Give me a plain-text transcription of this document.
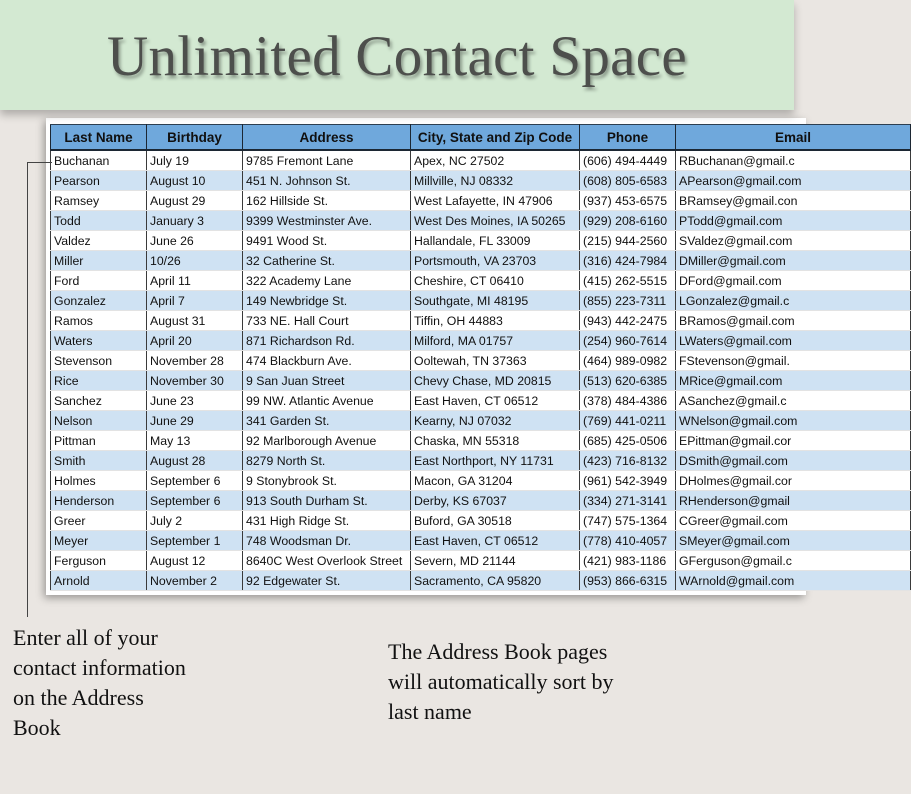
Unlimited Contact Space
Last Name	Birthday	Address	City, State and Zip Code	Phone	Email
Buchanan	July 19	9785 Fremont Lane	Apex, NC 27502	(606) 494-4449	RBuchanan@gmail.c
Pearson	August 10	451 N. Johnson St.	Millville, NJ 08332	(608) 805-6583	APearson@gmail.com
Ramsey	August 29	162 Hillside St.	West Lafayette, IN 47906	(937) 453-6575	BRamsey@gmail.con
Todd	January 3	9399 Westminster Ave.	West Des Moines, IA 50265	(929) 208-6160	PTodd@gmail.com
Valdez	June 26	9491 Wood St.	Hallandale, FL 33009	(215) 944-2560	SValdez@gmail.com
Miller	10/26	32 Catherine St.	Portsmouth, VA 23703	(316) 424-7984	DMiller@gmail.com
Ford	April 11	322 Academy Lane	Cheshire, CT 06410	(415) 262-5515	DFord@gmail.com
Gonzalez	April 7	149 Newbridge St.	Southgate, MI 48195	(855) 223-7311	LGonzalez@gmail.c
Ramos	August 31	733 NE. Hall Court	Tiffin, OH 44883	(943) 442-2475	BRamos@gmail.com
Waters	April 20	871 Richardson Rd.	Milford, MA 01757	(254) 960-7614	LWaters@gmail.com
Stevenson	November 28	474 Blackburn Ave.	Ooltewah, TN 37363	(464) 989-0982	FStevenson@gmail.
Rice	November 30	9 San Juan Street	Chevy Chase, MD 20815	(513) 620-6385	MRice@gmail.com
Sanchez	June 23	99 NW. Atlantic Avenue	East Haven, CT 06512	(378) 484-4386	ASanchez@gmail.c
Nelson	June 29	341 Garden St.	Kearny, NJ 07032	(769) 441-0211	WNelson@gmail.com
Pittman	May 13	92 Marlborough Avenue	Chaska, MN 55318	(685) 425-0506	EPittman@gmail.cor
Smith	August 28	8279 North St.	East Northport, NY 11731	(423) 716-8132	DSmith@gmail.com
Holmes	September 6	9 Stonybrook St.	Macon, GA 31204	(961) 542-3949	DHolmes@gmail.cor
Henderson	September 6	913 South Durham St.	Derby, KS 67037	(334) 271-3141	RHenderson@gmail
Greer	July 2	431 High Ridge St.	Buford, GA 30518	(747) 575-1364	CGreer@gmail.com
Meyer	September 1	748 Woodsman Dr.	East Haven, CT 06512	(778) 410-4057	SMeyer@gmail.com
Ferguson	August 12	8640C West Overlook Street	Severn, MD 21144	(421) 983-1186	GFerguson@gmail.c
Arnold	November 2	92 Edgewater St.	Sacramento, CA 95820	(953) 866-6315	WArnold@gmail.com
Enter all of your
contact information
on the Address
Book
The Address Book pages
will automatically sort by
last name
